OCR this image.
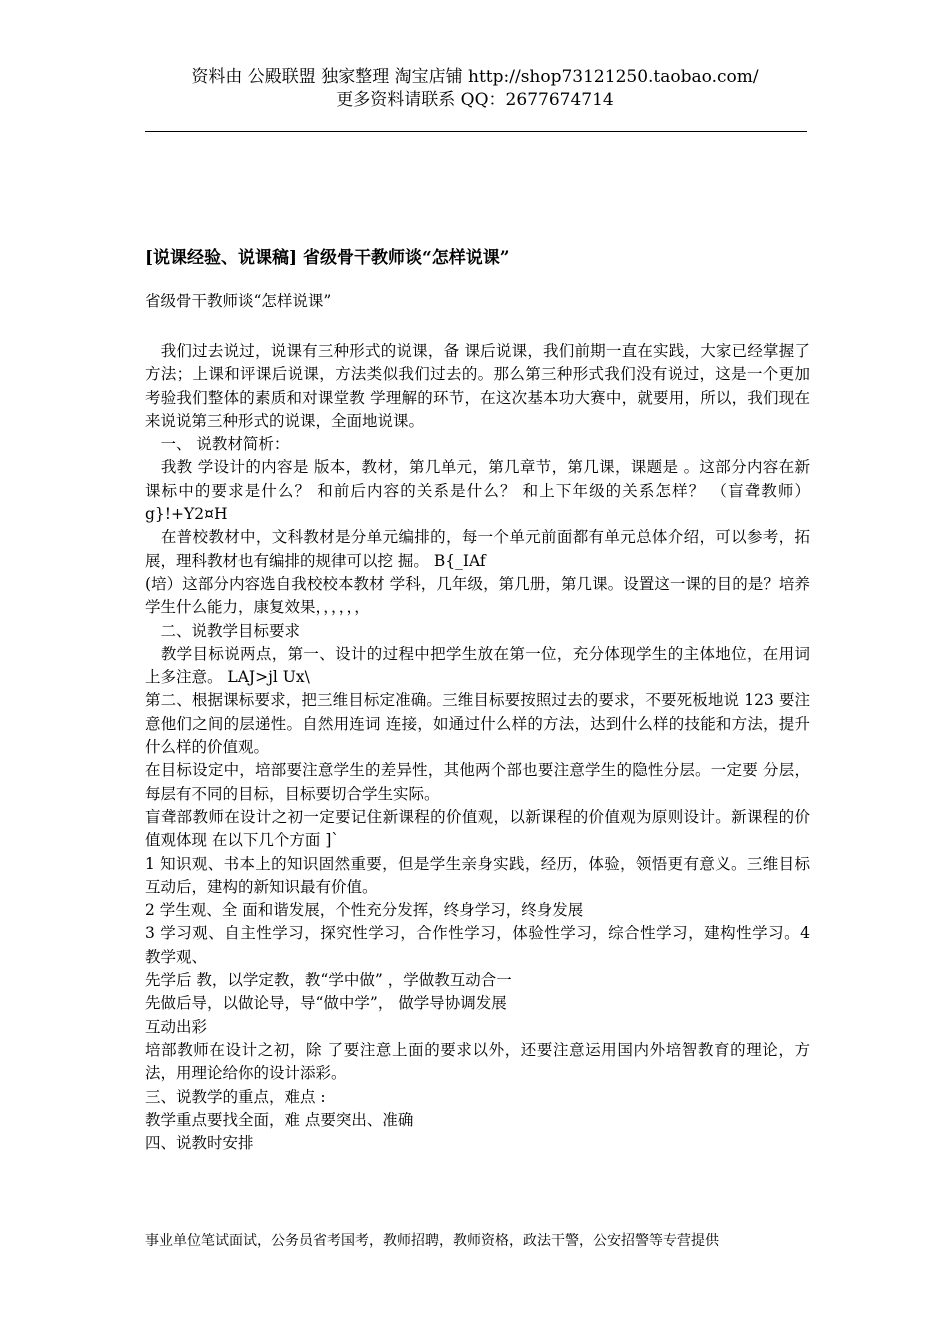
资料由 公殿联盟 独家整理 淘宝店铺 http://shop73121250.taobao.com/
更多资料请联系 QQ：2677674714
[说课经验、说课稿] 省级骨干教师谈“怎样说课”
省级骨干教师谈“怎样说课”

　我们过去说过，说课有三种形式的说课，备 课后说课，我们前期一直在实践，大家已经掌握了方法；上课和评课后说课，方法类似我们过去的。那么第三种形式我们没有说过，这是一个更加考验我们整体的素质和对课堂教 学理解的环节，在这次基本功大赛中，就要用，所以，我们现在来说说第三种形式的说课，全面地说课。

　一、 说教材简析：

　我教 学设计的内容是 版本，教材，第几单元，第几章节，第几课，课题是 。这部分内容在新课标中的要求是什么？ 和前后内容的关系是什么？ 和上下年级的关系怎样？ （盲聋教师） g}!+Y2¤H

　在普校教材中，文科教材是分单元编排的，每一个单元前面都有单元总体介绍，可以参考，拓展，理科教材也有编排的规律可以挖 掘。 B{_IAf

(培）这部分内容选自我校校本教材 学科，几年级，第几册，第几课。设置这一课的目的是？培养学生什么能力，康复效果，，，，，，

　二、说教学目标要求

　教学目标说两点，第一、设计的过程中把学生放在第一位，充分体现学生的主体地位，在用词 上多注意。 LAJ>jl Ux\

第二、根据课标要求，把三维目标定准确。三维目标要按照过去的要求，不要死板地说 123 要注意他们之间的层递性。自然用连词 连接，如通过什么样的方法，达到什么样的技能和方法，提升什么样的价值观。

在目标设定中，培部要注意学生的差异性，其他两个部也要注意学生的隐性分层。一定要 分层，每层有不同的目标，目标要切合学生实际。

盲聋部教师在设计之初一定要记住新课程的价值观，以新课程的价值观为原则设计。新课程的价值观体现 在以下几个方面 ]`

1 知识观、书本上的知识固然重要，但是学生亲身实践，经历，体验，领悟更有意义。三维目标互动后，建构的新知识最有价值。

2 学生观、全 面和谐发展，个性充分发挥，终身学习，终身发展

3 学习观、自主性学习，探究性学习，合作性学习，体验性学习，综合性学习，建构性学习。4 教学观、

先学后 教，以学定教，教“学中做” ，学做教互动合一

先做后导，以做论导，导“做中学”， 做学导协调发展

互动出彩

培部教师在设计之初，除 了要注意上面的要求以外，还要注意运用国内外培智教育的理论，方法，用理论给你的设计添彩。

三、说教学的重点，难点 :

教学重点要找全面，难 点要突出、准确

四、说教时安排

事业单位笔试面试，公务员省考国考，教师招聘，教师资格，政法干警，公安招警等专营提供
